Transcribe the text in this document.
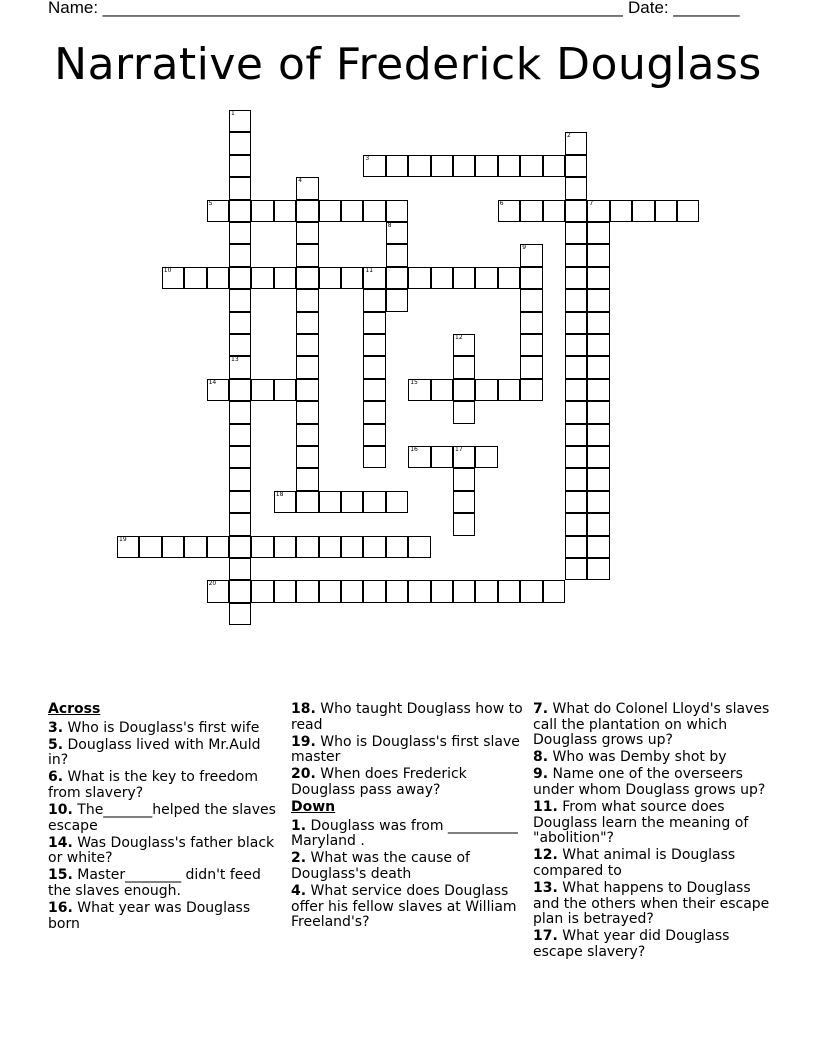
Name: _______________________________________________________ Date: _______
Narrative of Frederick Douglass
1
13
2
3
4
5	6	7
8
9
10	11
12
14	15
16	17
18
19
20
Across
3. Who is Douglass's first wife
5. Douglass lived with Mr.Auld in?
6. What is the key to freedom from slavery?
10. The_______helped the slaves escape
14. Was Douglass's father black or white?
15. Master________ didn't feed the slaves enough.
16. What year was Douglass born
18. Who taught Douglass how to read
19. Who is Douglass's first slave master
20. When does Frederick Douglass pass away?
Down
1. Douglass was from __________ Maryland .
2. What was the cause of Douglass's death
4. What service does Douglass offer his fellow slaves at William Freeland's?
7. What do Colonel Lloyd's slaves call the plantation on which Douglass grows up?
8. Who was Demby shot by
9. Name one of the overseers under whom Douglass grows up?
11. From what source does Douglass learn the meaning of "abolition"?
12. What animal is Douglass compared to
13. What happens to Douglass and the others when their escape plan is betrayed?
17. What year did Douglass escape slavery?
